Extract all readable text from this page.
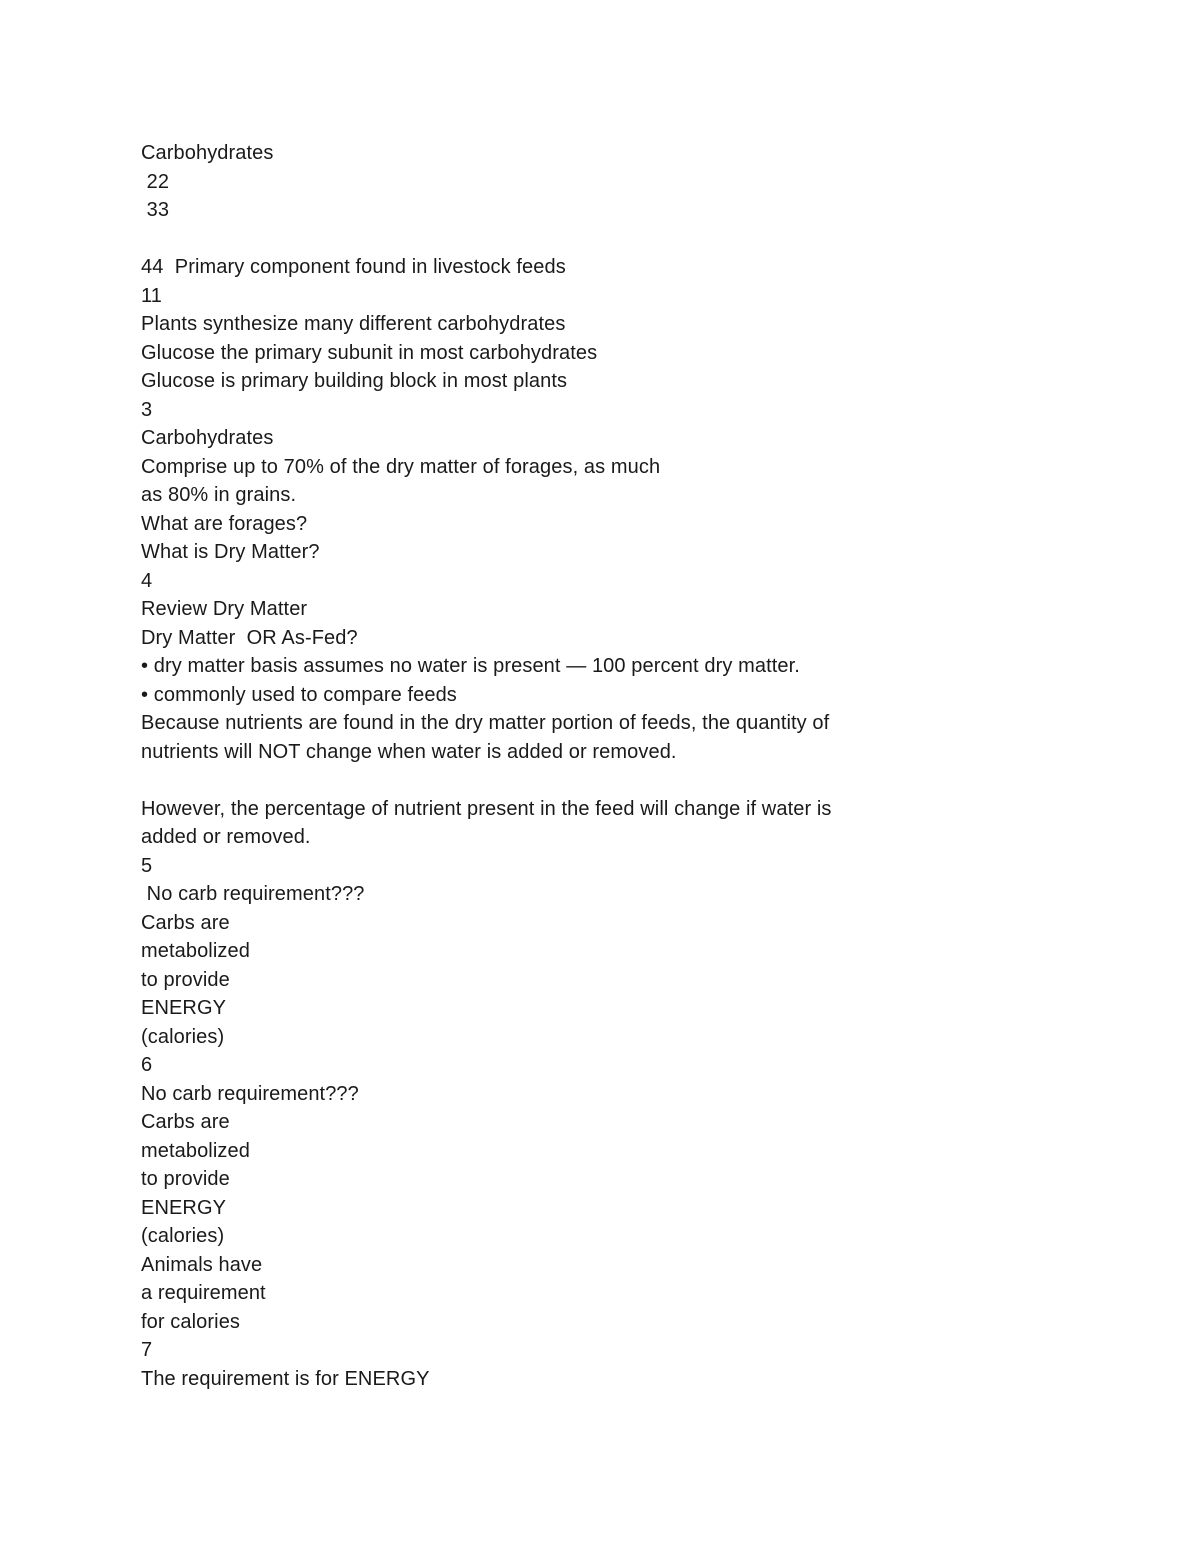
Carbohydrates
22
33
44  Primary component found in livestock feeds
11
Plants synthesize many different carbohydrates
Glucose the primary subunit in most carbohydrates
Glucose is primary building block in most plants
3
Carbohydrates
Comprise up to 70% of the dry matter of forages, as much
as 80% in grains.
What are forages?
What is Dry Matter?
4
Review Dry Matter
Dry Matter  OR As-Fed?
• dry matter basis assumes no water is present — 100 percent dry matter.
• commonly used to compare feeds
Because nutrients are found in the dry matter portion of feeds, the quantity of
nutrients will NOT change when water is added or removed.
However, the percentage of nutrient present in the feed will change if water is
added or removed.
5
No carb requirement???
Carbs are
metabolized
to provide
ENERGY
(calories)
6
No carb requirement???
Carbs are
metabolized
to provide
ENERGY
(calories)
Animals have
a requirement
for calories
7
The requirement is for ENERGY
